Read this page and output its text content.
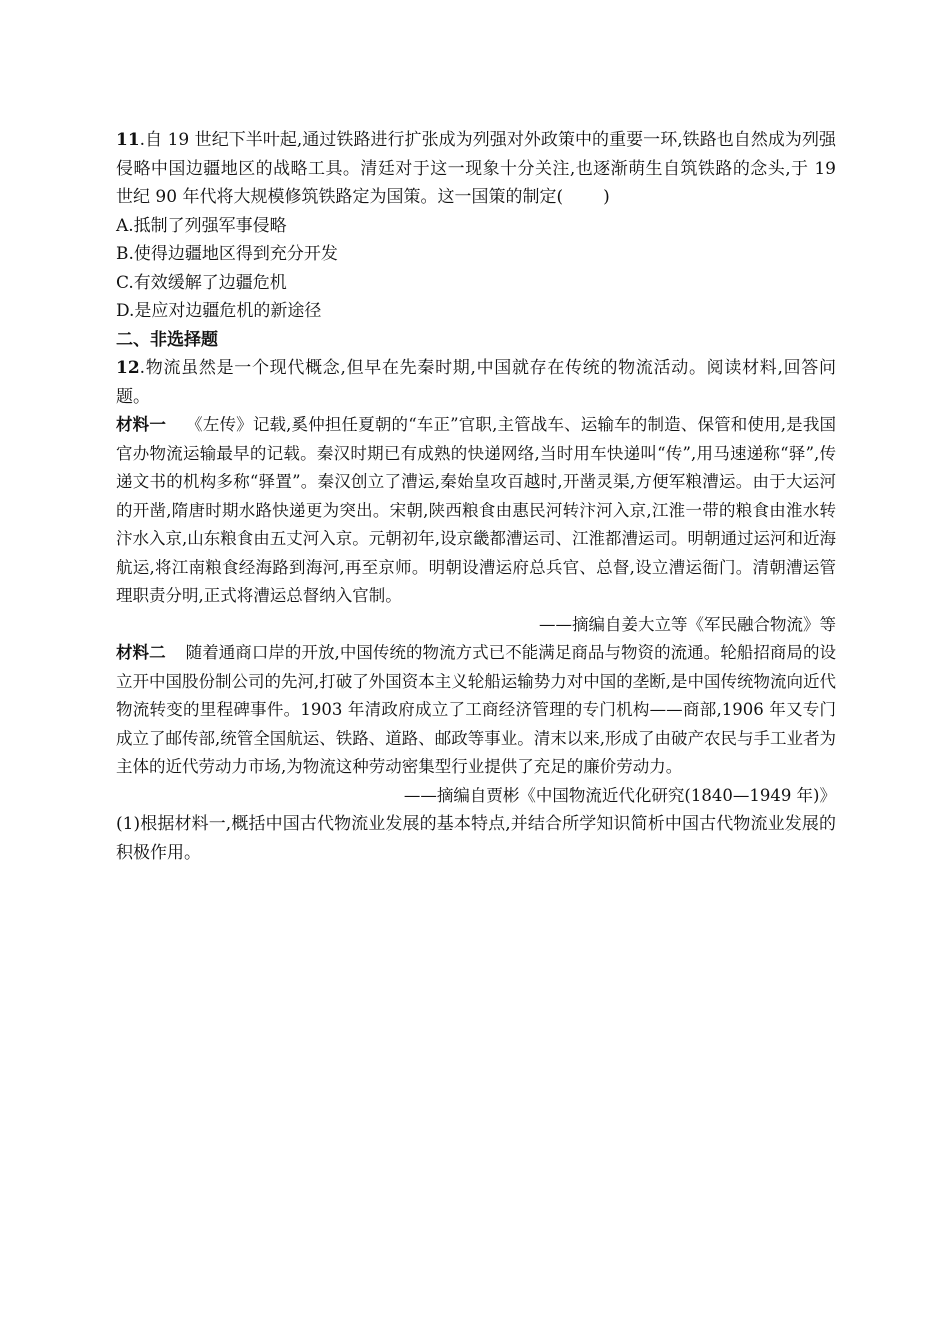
11.自 19 世纪下半叶起,通过铁路进行扩张成为列强对外政策中的重要一环,铁路也自然成为列强侵略中国边疆地区的战略工具。清廷对于这一现象十分关注,也逐渐萌生自筑铁路的念头,于 19 世纪 90 年代将大规模修筑铁路定为国策。这一国策的制定( )

A.抵制了列强军事侵略

B.使得边疆地区得到充分开发

C.有效缓解了边疆危机

D.是应对边疆危机的新途径

二、非选择题

12.物流虽然是一个现代概念,但早在先秦时期,中国就存在传统的物流活动。阅读材料,回答问题。

材料一 《左传》记载,奚仲担任夏朝的“车正”官职,主管战车、运输车的制造、保管和使用,是我国官办物流运输最早的记载。秦汉时期已有成熟的快递网络,当时用车快递叫“传”,用马速递称“驿”,传递文书的机构多称“驿置”。秦汉创立了漕运,秦始皇攻百越时,开凿灵渠,方便军粮漕运。由于大运河的开凿,隋唐时期水路快递更为突出。宋朝,陕西粮食由惠民河转汴河入京,江淮一带的粮食由淮水转汴水入京,山东粮食由五丈河入京。元朝初年,设京畿都漕运司、江淮都漕运司。明朝通过运河和近海航运,将江南粮食经海路到海河,再至京师。明朝设漕运府总兵官、总督,设立漕运衙门。清朝漕运管理职责分明,正式将漕运总督纳入官制。

——摘编自姜大立等《军民融合物流》等

材料二 随着通商口岸的开放,中国传统的物流方式已不能满足商品与物资的流通。轮船招商局的设立开中国股份制公司的先河,打破了外国资本主义轮船运输势力对中国的垄断,是中国传统物流向近代物流转变的里程碑事件。1903 年清政府成立了工商经济管理的专门机构——商部,1906 年又专门成立了邮传部,统管全国航运、铁路、道路、邮政等事业。清末以来,形成了由破产农民与手工业者为主体的近代劳动力市场,为物流这种劳动密集型行业提供了充足的廉价劳动力。

——摘编自贾彬《中国物流近代化研究(1840—1949 年)》

(1)根据材料一,概括中国古代物流业发展的基本特点,并结合所学知识简析中国古代物流业发展的积极作用。
